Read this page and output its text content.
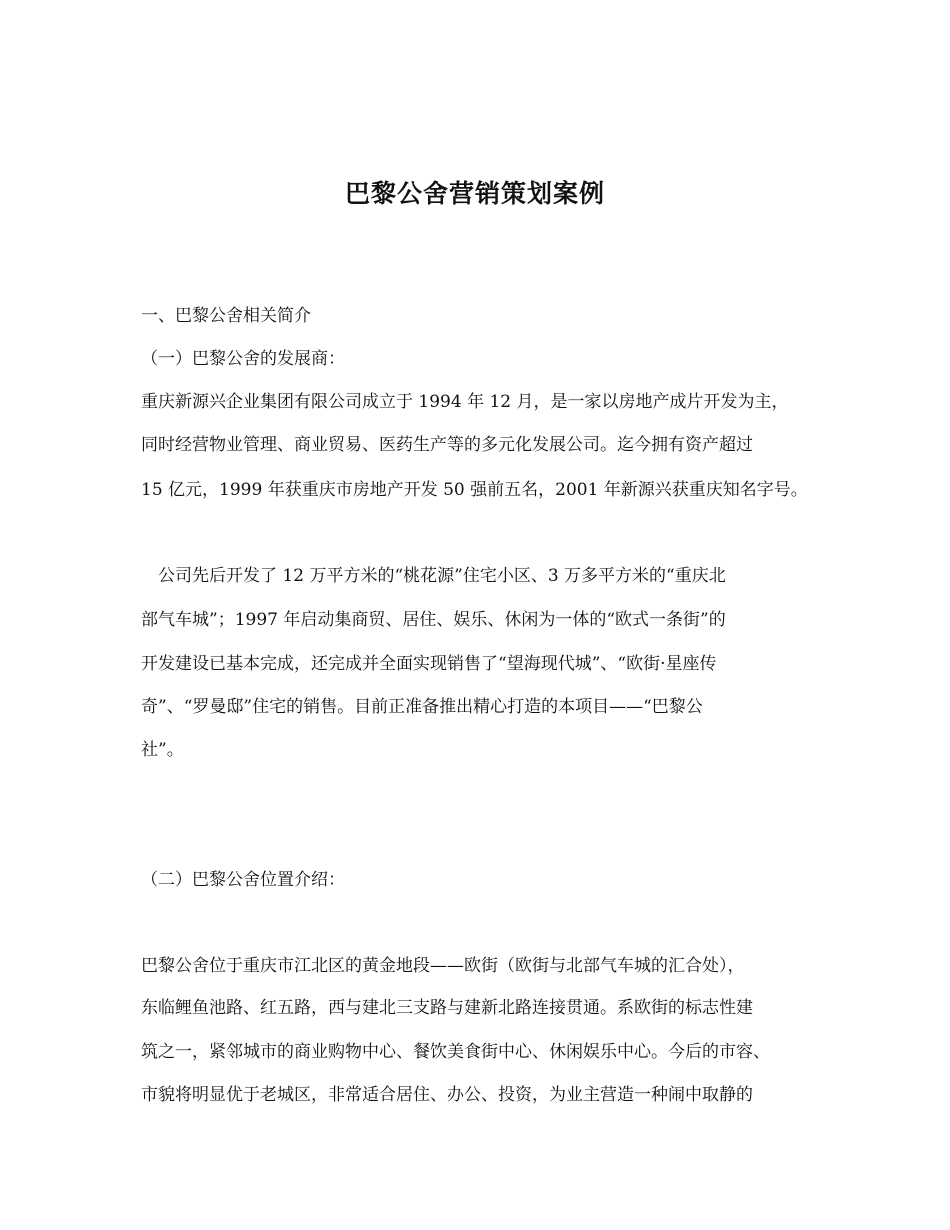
巴黎公舍营销策划案例
一、巴黎公舍相关简介
（一）巴黎公舍的发展商：
重庆新源兴企业集团有限公司成立于 1994 年 12 月，是一家以房地产成片开发为主，
同时经营物业管理、商业贸易、医药生产等的多元化发展公司。迄今拥有资产超过
15 亿元，1999 年获重庆市房地产开发 50 强前五名，2001 年新源兴获重庆知名字号。
　公司先后开发了 12 万平方米的“桃花源”住宅小区、3 万多平方米的“重庆北
部气车城”；1997 年启动集商贸、居住、娱乐、休闲为一体的“欧式一条街”的
开发建设已基本完成，还完成并全面实现销售了“望海现代城”、“欧街·星座传
奇”、“罗曼邸”住宅的销售。目前正准备推出精心打造的本项目——“巴黎公
社”。
（二）巴黎公舍位置介绍：
巴黎公舍位于重庆市江北区的黄金地段——欧街（欧街与北部气车城的汇合处），
东临鲤鱼池路、红五路，西与建北三支路与建新北路连接贯通。系欧街的标志性建
筑之一，紧邻城市的商业购物中心、餐饮美食街中心、休闲娱乐中心。今后的市容、
市貌将明显优于老城区，非常适合居住、办公、投资，为业主营造一种闹中取静的
